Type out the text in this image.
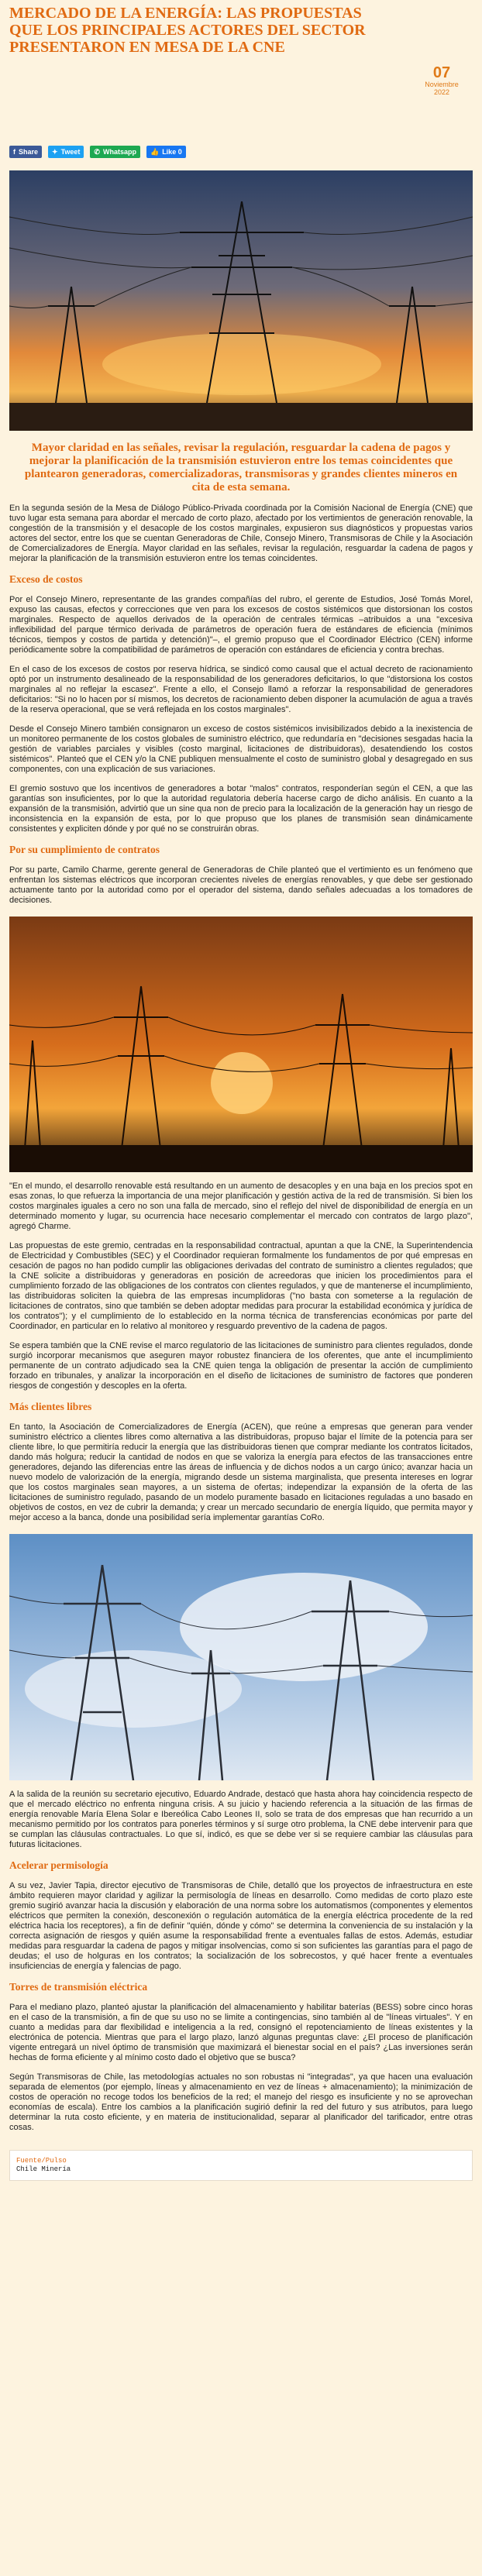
MERCADO DE LA ENERGÍA: LAS PROPUESTAS QUE LOS PRINCIPALES ACTORES DEL SECTOR PRESENTARON EN MESA DE LA CNE
07
Noviembre
2022
f Share ✦ Tweet ✆ Whatsapp 👍 Like 0
Mayor claridad en las señales, revisar la regulación, resguardar la cadena de pagos y mejorar la planificación de la transmisión estuvieron entre los temas coincidentes que plantearon generadoras, comercializadoras, transmisoras y grandes clientes mineros en cita de esta semana.

En la segunda sesión de la Mesa de Diálogo Público-Privada coordinada por la Comisión Nacional de Energía (CNE) que tuvo lugar esta semana para abordar el mercado de corto plazo, afectado por los vertimientos de generación renovable, la congestión de la transmisión y el desacople de los costos marginales, expusieron sus diagnósticos y propuestas varios actores del sector, entre los que se cuentan Generadoras de Chile, Consejo Minero, Transmisoras de Chile y la Asociación de Comercializadores de Energía. Mayor claridad en las señales, revisar la regulación, resguardar la cadena de pagos y mejorar la planificación de la transmisión estuvieron entre los temas coincidentes.

Exceso de costos

Por el Consejo Minero, representante de las grandes compañías del rubro, el gerente de Estudios, José Tomás Morel, expuso las causas, efectos y correcciones que ven para los excesos de costos sistémicos que distorsionan los costos marginales. Respecto de aquellos derivados de la operación de centrales térmicas –atribuidos a una "excesiva inflexibilidad del parque térmico derivada de parámetros de operación fuera de estándares de eficiencia (mínimos técnicos, tiempos y costos de partida y detención)"–, el gremio propuso que el Coordinador Eléctrico (CEN) informe periódicamente sobre la compatibilidad de parámetros de operación con estándares de eficiencia y contra brechas.

En el caso de los excesos de costos por reserva hídrica, se sindicó como causal que el actual decreto de racionamiento optó por un instrumento desalineado de la responsabilidad de los generadores deficitarios, lo que "distorsiona los costos marginales al no reflejar la escasez". Frente a ello, el Consejo llamó a reforzar la responsabilidad de generadores deficitarios: "Si no lo hacen por sí mismos, los decretos de racionamiento deben disponer la acumulación de agua a través de la reserva operacional, que se verá reflejada en los costos marginales".

Desde el Consejo Minero también consignaron un exceso de costos sistémicos invisibilizados debido a la inexistencia de un monitoreo permanente de los costos globales de suministro eléctrico, que redundaría en "decisiones sesgadas hacia la gestión de variables parciales y visibles (costo marginal, licitaciones de distribuidoras), desatendiendo los costos sistémicos". Planteó que el CEN y/o la CNE publiquen mensualmente el costo de suministro global y desagregado en sus componentes, con una explicación de sus variaciones.

El gremio sostuvo que los incentivos de generadores a botar "malos" contratos, responderían según el CEN, a que las garantías son insuficientes, por lo que la autoridad regulatoria debería hacerse cargo de dicho análisis. En cuanto a la expansión de la transmisión, advirtió que un sine qua non de precio para la localización de la generación hay un riesgo de inconsistencia en la expansión de esta, por lo que propuso que los planes de transmisión sean dinámicamente consistentes y expliciten dónde y por qué no se construirán obras.

Por su cumplimiento de contratos

Por su parte, Camilo Charme, gerente general de Generadoras de Chile planteó que el vertimiento es un fenómeno que enfrentan los sistemas eléctricos que incorporan crecientes niveles de energías renovables, y que debe ser gestionado actuamente tanto por la autoridad como por el operador del sistema, dando señales adecuadas a los tomadores de decisiones.

"En el mundo, el desarrollo renovable está resultando en un aumento de desacoples y en una baja en los precios spot en esas zonas, lo que refuerza la importancia de una mejor planificación y gestión activa de la red de transmisión. Si bien los costos marginales iguales a cero no son una falla de mercado, sino el reflejo del nivel de disponibilidad de energía en un determinado momento y lugar, su ocurrencia hace necesario complementar el mercado con contratos de largo plazo", agregó Charme.

Las propuestas de este gremio, centradas en la responsabilidad contractual, apuntan a que la CNE, la Superintendencia de Electricidad y Combustibles (SEC) y el Coordinador requieran formalmente los fundamentos de por qué empresas en cesación de pagos no han podido cumplir las obligaciones derivadas del contrato de suministro a clientes regulados; que la CNE solicite a distribuidoras y generadoras en posición de acreedoras que inicien los procedimientos para el cumplimiento forzado de las obligaciones de los contratos con clientes regulados, y que de mantenerse el incumplimiento, las distribuidoras soliciten la quiebra de las empresas incumplidoras ("no basta con someterse a la regulación de licitaciones de contratos, sino que también se deben adoptar medidas para procurar la estabilidad económica y jurídica de los contratos"); y el cumplimiento de lo establecido en la norma técnica de transferencias económicas por parte del Coordinador, en particular en lo relativo al monitoreo y resguardo preventivo de la cadena de pagos.

Se espera también que la CNE revise el marco regulatorio de las licitaciones de suministro para clientes regulados, donde surgió incorporar mecanismos que aseguren mayor robustez financiera de los oferentes, que ante el incumplimiento permanente de un contrato adjudicado sea la CNE quien tenga la obligación de presentar la acción de cumplimiento forzado en tribunales, y analizar la incorporación en el diseño de licitaciones de suministro de factores que ponderen riesgos de congestión y descoples en la oferta.

Más clientes libres

En tanto, la Asociación de Comercializadores de Energía (ACEN), que reúne a empresas que generan para vender suministro eléctrico a clientes libres como alternativa a las distribuidoras, propuso bajar el límite de la potencia para ser cliente libre, lo que permitiría reducir la energía que las distribuidoras tienen que comprar mediante los contratos licitados, dando más holgura; reducir la cantidad de nodos en que se valoriza la energía para efectos de las transacciones entre generadores, dejando las diferencias entre las áreas de influencia y de dichos nodos a un cargo único; avanzar hacia un nuevo modelo de valorización de la energía, migrando desde un sistema marginalista, que presenta intereses en lograr que los costos marginales sean mayores, a un sistema de ofertas; independizar la expansión de la oferta de las licitaciones de suministro regulado, pasando de un modelo puramente basado en licitaciones reguladas a uno basado en objetivos de costos, en vez de cubrir la demanda; y crear un mercado secundario de energía líquido, que permita mayor y mejor acceso a la banca, donde una posibilidad sería implementar garantías CoRo.

A la salida de la reunión su secretario ejecutivo, Eduardo Andrade, destacó que hasta ahora hay coincidencia respecto de que el mercado eléctrico no enfrenta ninguna crisis. A su juicio y haciendo referencia a la situación de las firmas de energía renovable María Elena Solar e Ibereólica Cabo Leones II, solo se trata de dos empresas que han recurrido a un mecanismo permitido por los contratos para ponerles términos y sí surge otro problema, la CNE debe intervenir para que se cumplan las cláusulas contractuales. Lo que sí, indicó, es que se debe ver si se requiere cambiar las cláusulas para futuras licitaciones.

Acelerar permisología

A su vez, Javier Tapia, director ejecutivo de Transmisoras de Chile, detalló que los proyectos de infraestructura en este ámbito requieren mayor claridad y agilizar la permisología de líneas en desarrollo. Como medidas de corto plazo este gremio sugirió avanzar hacia la discusión y elaboración de una norma sobre los automatismos (componentes y elementos eléctricos que permiten la conexión, desconexión o regulación automática de la energía eléctrica procedente de la red eléctrica hacia los receptores), a fin de definir "quién, dónde y cómo" se determina la conveniencia de su instalación y la correcta asignación de riesgos y quién asume la responsabilidad frente a eventuales fallas de estos. Además, estudiar medidas para resguardar la cadena de pagos y mitigar insolvencias, como si son suficientes las garantías para el pago de deudas; el uso de holguras en los contratos; la socialización de los sobrecostos, y qué hacer frente a eventuales insuficiencias de energía y falencias de pago.

Torres de transmisión eléctrica

Para el mediano plazo, planteó ajustar la planificación del almacenamiento y habilitar baterías (BESS) sobre cinco horas en el caso de la transmisión, a fin de que su uso no se limite a contingencias, sino también al de "líneas virtuales". Y en cuanto a medidas para dar flexibilidad e inteligencia a la red, consignó el repotenciamiento de líneas existentes y la electrónica de potencia. Mientras que para el largo plazo, lanzó algunas preguntas clave: ¿El proceso de planificación vigente entregará un nivel óptimo de transmisión que maximizará el bienestar social en el país? ¿Las inversiones serán hechas de forma eficiente y al mínimo costo dado el objetivo que se busca?

Según Transmisoras de Chile, las metodologías actuales no son robustas ni "integradas", ya que hacen una evaluación separada de elementos (por ejemplo, líneas y almacenamiento en vez de líneas + almacenamiento); la minimización de costos de operación no recoge todos los beneficios de la red; el manejo del riesgo es insuficiente y no se aprovechan economías de escala). Entre los cambios a la planificación sugirió definir la red del futuro y sus atributos, para luego determinar la ruta costo eficiente, y en materia de institucionalidad, separar al planificador del tarificador, entre otras cosas.

Fuente/Pulso
Chile Minería
